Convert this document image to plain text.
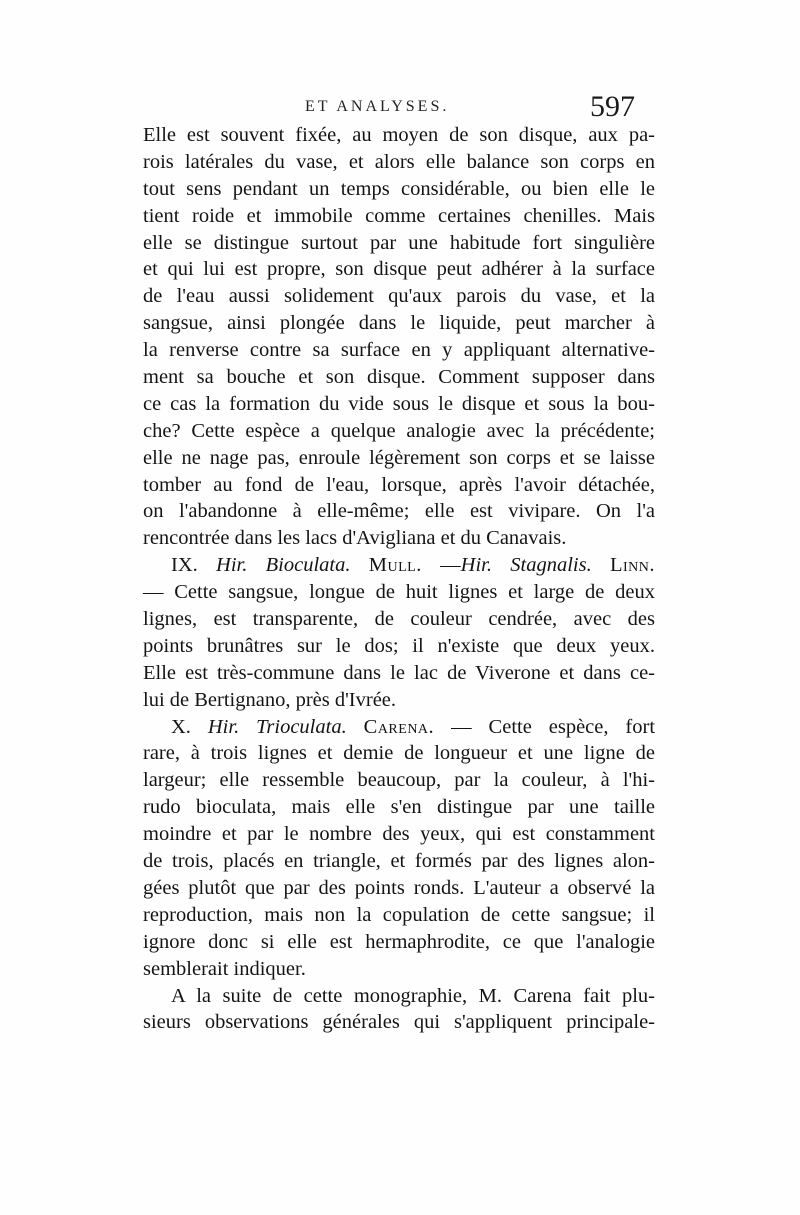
ET ANALYSES.	597
Elle est souvent fixée, au moyen de son disque, aux pa-
rois latérales du vase, et alors elle balance son corps en
tout sens pendant un temps considérable, ou bien elle le
tient roide et immobile comme certaines chenilles. Mais
elle se distingue surtout par une habitude fort singulière
et qui lui est propre, son disque peut adhérer à la surface
de l'eau aussi solidement qu'aux parois du vase, et la
sangsue, ainsi plongée dans le liquide, peut marcher à
la renverse contre sa surface en y appliquant alternative-
ment sa bouche et son disque. Comment supposer dans
ce cas la formation du vide sous le disque et sous la bou-
che? Cette espèce a quelque analogie avec la précédente;
elle ne nage pas, enroule légèrement son corps et se laisse
tomber au fond de l'eau, lorsque, après l'avoir détachée,
on l'abandonne à elle-même; elle est vivipare. On l'a
rencontrée dans les lacs d'Avigliana et du Canavais.
IX. Hir. Bioculata. Mull. —Hir. Stagnalis. Linn.
— Cette sangsue, longue de huit lignes et large de deux
lignes, est transparente, de couleur cendrée, avec des
points brunâtres sur le dos; il n'existe que deux yeux.
Elle est très-commune dans le lac de Viverone et dans ce-
lui de Bertignano, près d'Ivrée.
X. Hir. Trioculata. Carena. — Cette espèce, fort
rare, à trois lignes et demie de longueur et une ligne de
largeur; elle ressemble beaucoup, par la couleur, à l'hi-
rudo bioculata, mais elle s'en distingue par une taille
moindre et par le nombre des yeux, qui est constamment
de trois, placés en triangle, et formés par des lignes alon-
gées plutôt que par des points ronds. L'auteur a observé la
reproduction, mais non la copulation de cette sangsue; il
ignore donc si elle est hermaphrodite, ce que l'analogie
semblerait indiquer.
A la suite de cette monographie, M. Carena fait plu-
sieurs observations générales qui s'appliquent principale-
